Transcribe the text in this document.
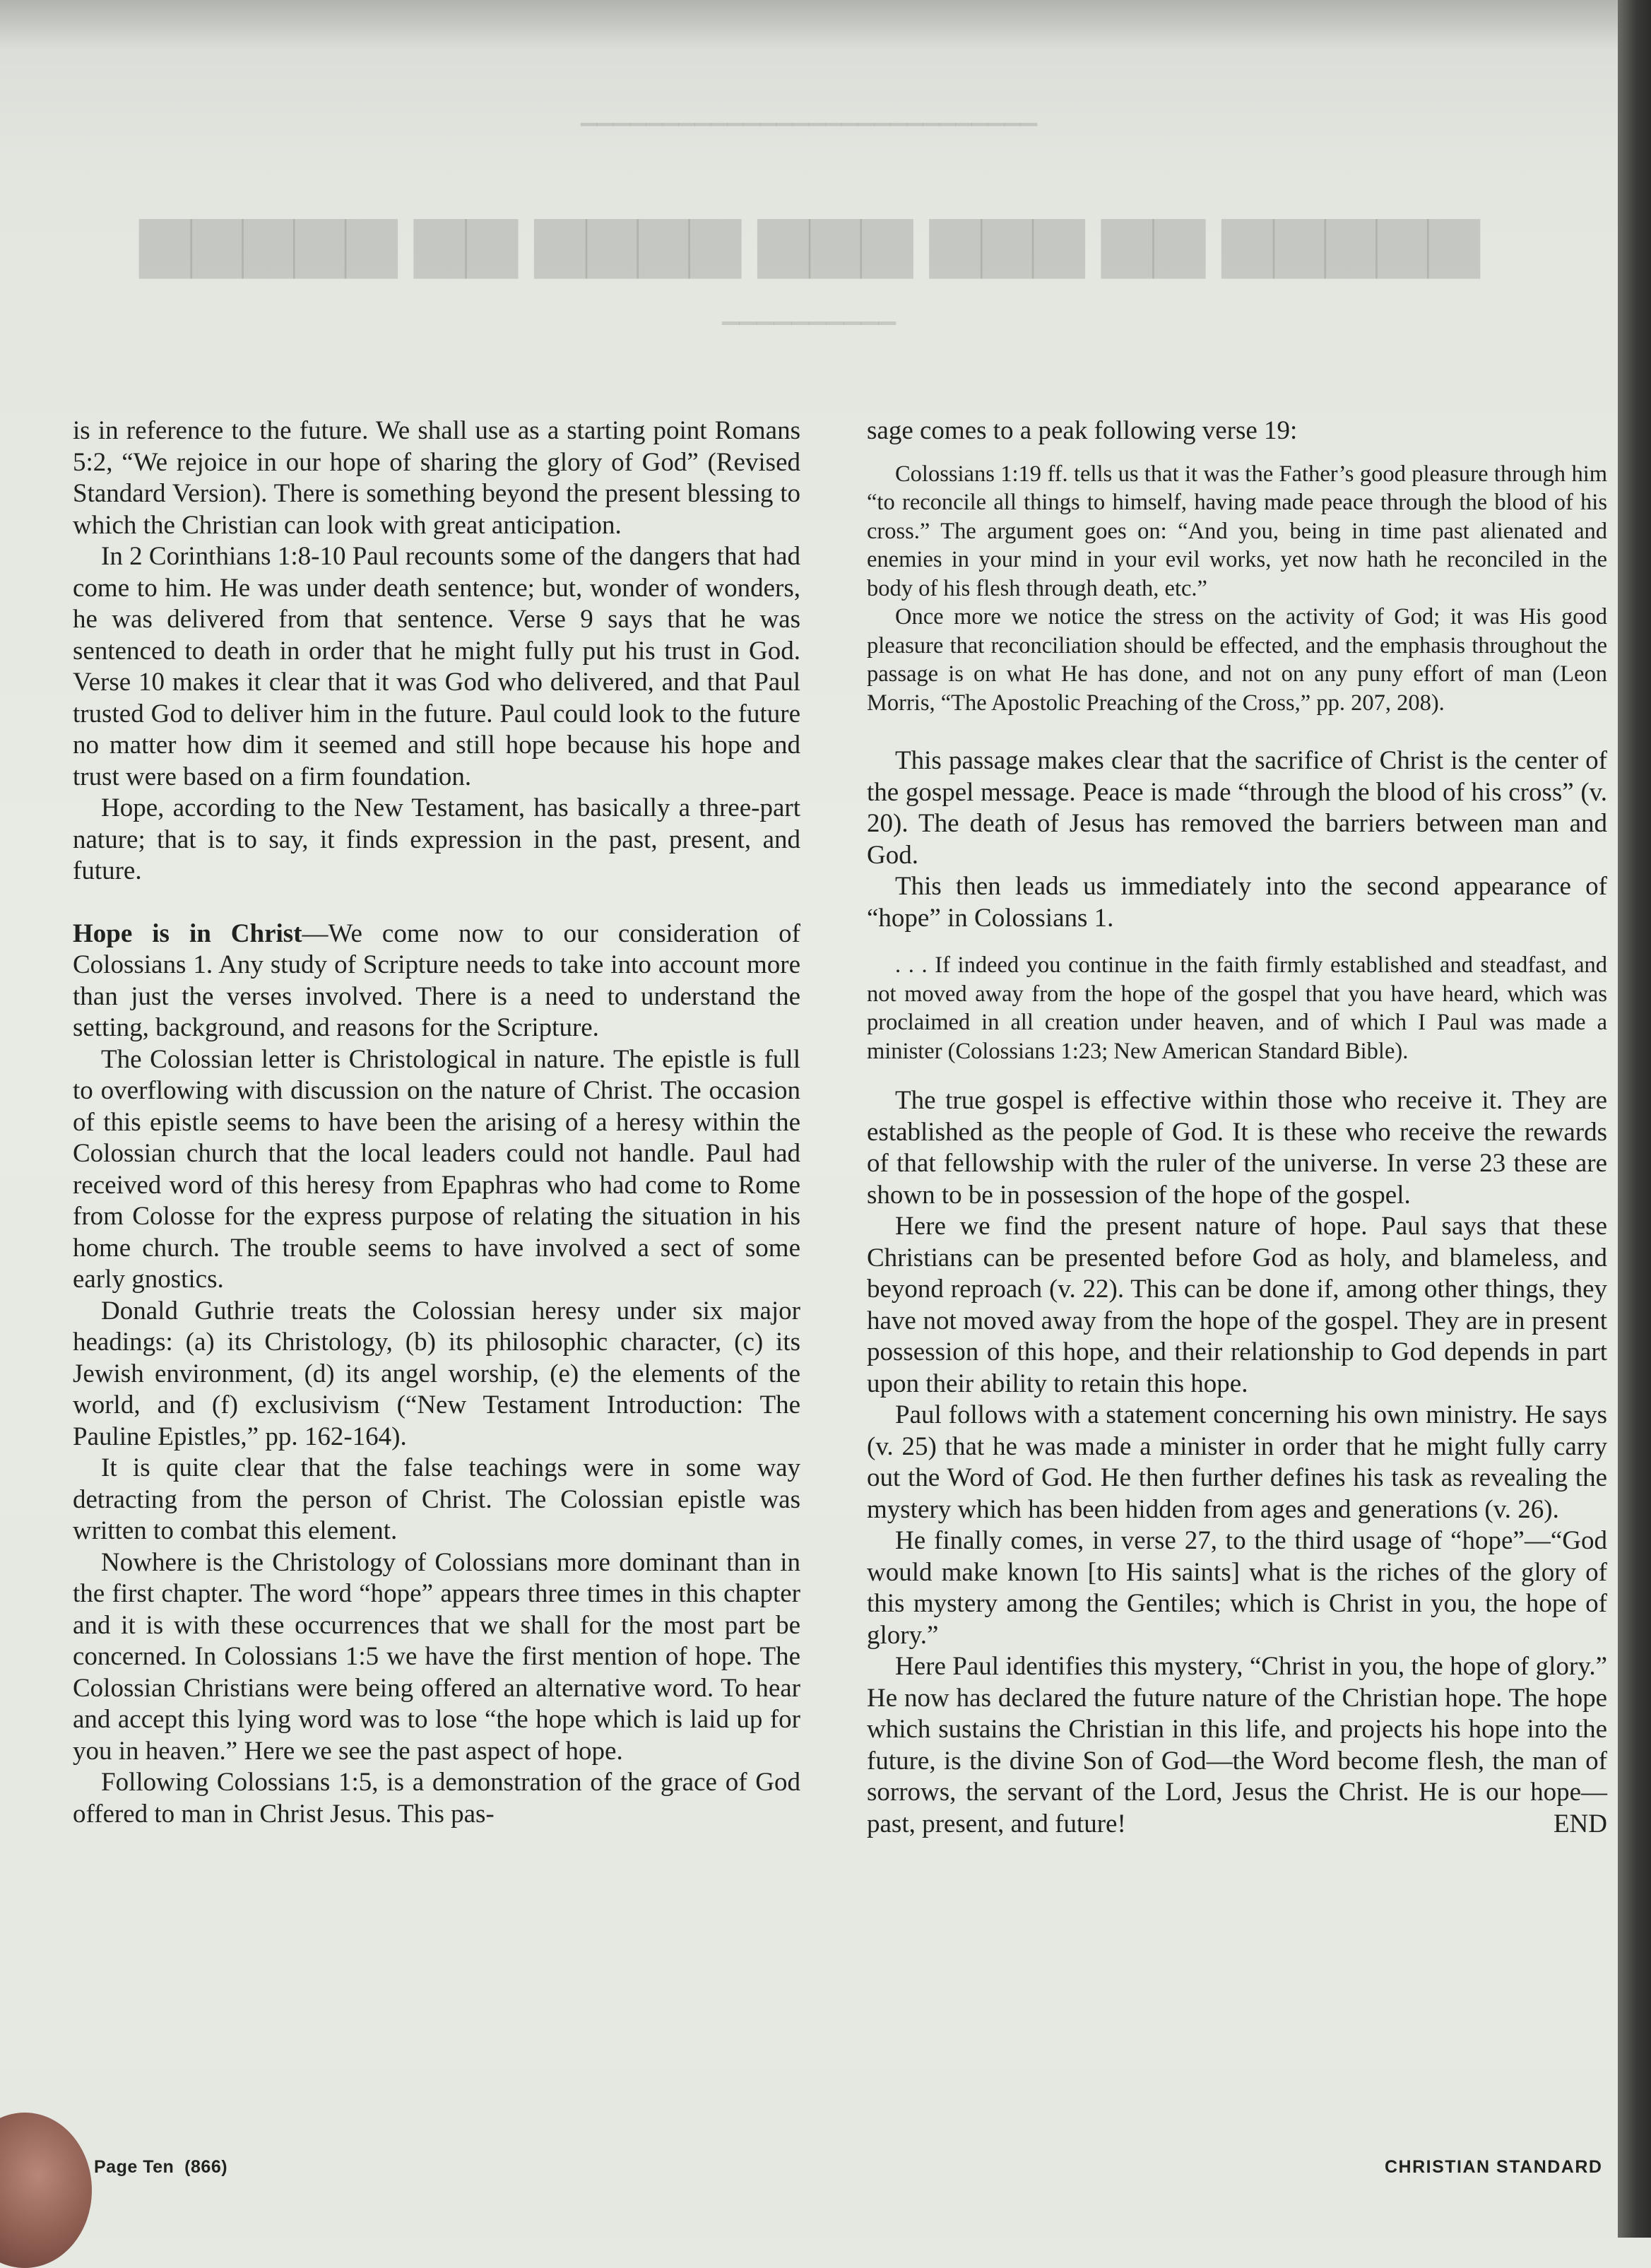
▔▔▔▔▔▔▔▔▔▔▔▔▔▔▔▔▔▔▔▔▔▔▔▔▔▔▔▔
▆▆▆▆▆ ▆▆ ▆▆▆ ▆▆▆ ▆▆▆▆ ▆▆ ▆▆▆▆▆
▔▔▔▔▔▔▔▔▔▔

is in reference to the future. We shall use as a starting point Romans 5:2, “We rejoice in our hope of sharing the glory of God” (Revised Standard Version). There is something beyond the present blessing to which the Christian can look with great anticipation.

In 2 Corinthians 1:8-10 Paul recounts some of the dangers that had come to him. He was under death sentence; but, wonder of wonders, he was delivered from that sentence. Verse 9 says that he was sentenced to death in order that he might fully put his trust in God. Verse 10 makes it clear that it was God who delivered, and that Paul trusted God to deliver him in the future. Paul could look to the future no matter how dim it seemed and still hope because his hope and trust were based on a firm foundation.

Hope, according to the New Testament, has basically a three-part nature; that is to say, it finds expression in the past, present, and future.

Hope is in Christ—We come now to our consideration of Colossians 1. Any study of Scripture needs to take into account more than just the verses involved. There is a need to understand the setting, background, and reasons for the Scripture.

The Colossian letter is Christological in nature. The epistle is full to overflowing with discussion on the nature of Christ. The occasion of this epistle seems to have been the arising of a heresy within the Colossian church that the local leaders could not handle. Paul had received word of this heresy from Epaphras who had come to Rome from Colosse for the express purpose of relating the situation in his home church. The trouble seems to have involved a sect of some early gnostics.

Donald Guthrie treats the Colossian heresy under six major headings: (a) its Christology, (b) its philosophic character, (c) its Jewish environment, (d) its angel worship, (e) the elements of the world, and (f) exclusivism (“New Testament Introduction: The Pauline Epistles,” pp. 162-164).

It is quite clear that the false teachings were in some way detracting from the person of Christ. The Colossian epistle was written to combat this element.

Nowhere is the Christology of Colossians more dominant than in the first chapter. The word “hope” appears three times in this chapter and it is with these occurrences that we shall for the most part be concerned. In Colossians 1:5 we have the first mention of hope. The Colossian Christians were being offered an alternative word. To hear and accept this lying word was to lose “the hope which is laid up for you in heaven.” Here we see the past aspect of hope.

Following Colossians 1:5, is a demonstration of the grace of God offered to man in Christ Jesus. This pas-

sage comes to a peak following verse 19:

Colossians 1:19 ff. tells us that it was the Father’s good pleasure through him “to reconcile all things to himself, having made peace through the blood of his cross.” The argument goes on: “And you, being in time past alienated and enemies in your mind in your evil works, yet now hath he reconciled in the body of his flesh through death, etc.”

Once more we notice the stress on the activity of God; it was His good pleasure that reconciliation should be effected, and the emphasis throughout the passage is on what He has done, and not on any puny effort of man (Leon Morris, “The Apostolic Preaching of the Cross,” pp. 207, 208).

This passage makes clear that the sacrifice of Christ is the center of the gospel message. Peace is made “through the blood of his cross” (v. 20). The death of Jesus has removed the barriers between man and God.

This then leads us immediately into the second appearance of “hope” in Colossians 1.

. . . If indeed you continue in the faith firmly established and steadfast, and not moved away from the hope of the gospel that you have heard, which was proclaimed in all creation under heaven, and of which I Paul was made a minister (Colossians 1:23; New American Standard Bible).

The true gospel is effective within those who receive it. They are established as the people of God. It is these who receive the rewards of that fellowship with the ruler of the universe. In verse 23 these are shown to be in possession of the hope of the gospel.

Here we find the present nature of hope. Paul says that these Christians can be presented before God as holy, and blameless, and beyond reproach (v. 22). This can be done if, among other things, they have not moved away from the hope of the gospel. They are in present possession of this hope, and their relationship to God depends in part upon their ability to retain this hope.

Paul follows with a statement concerning his own ministry. He says (v. 25) that he was made a minister in order that he might fully carry out the Word of God. He then further defines his task as revealing the mystery which has been hidden from ages and generations (v. 26).

He finally comes, in verse 27, to the third usage of “hope”—“God would make known [to His saints] what is the riches of the glory of this mystery among the Gentiles; which is Christ in you, the hope of glory.”

Here Paul identifies this mystery, “Christ in you, the hope of glory.” He now has declared the future nature of the Christian hope. The hope which sustains the Christian in this life, and projects his hope into the future, is the divine Son of God—the Word become flesh, the man of sorrows, the servant of the Lord, Jesus the Christ. He is our hope—past, present, and future!	END

Page Ten  (866)	CHRISTIAN STANDARD
